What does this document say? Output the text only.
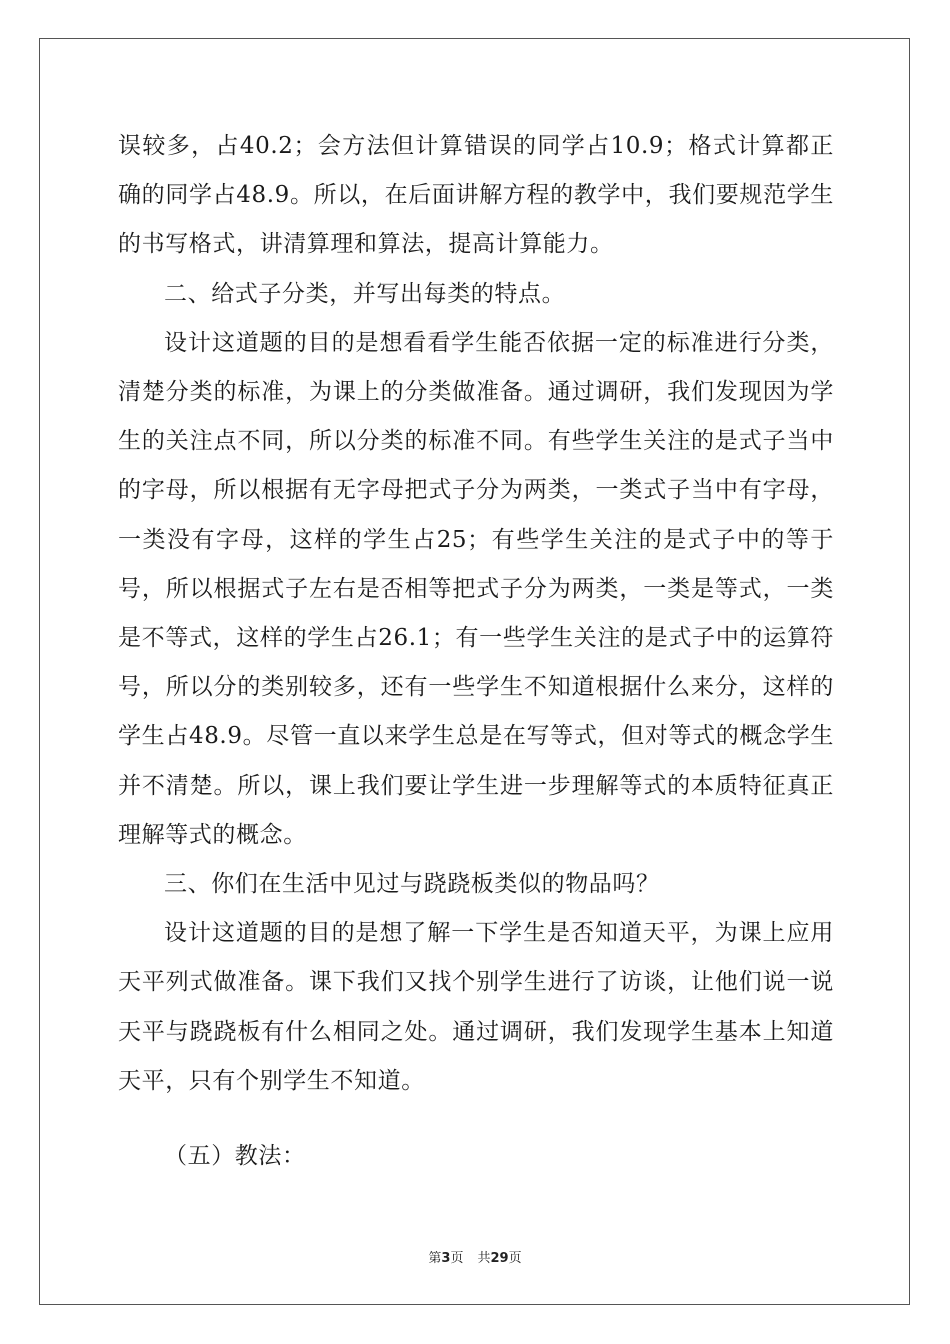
误较多，占40.2；会方法但计算错误的同学占10.9；格式计算都正确的同学占48.9。所以，在后面讲解方程的教学中，我们要规范学生的书写格式，讲清算理和算法，提高计算能力。

二、给式子分类，并写出每类的特点。

设计这道题的目的是想看看学生能否依据一定的标准进行分类，清楚分类的标准，为课上的分类做准备。通过调研，我们发现因为学生的关注点不同，所以分类的标准不同。有些学生关注的是式子当中的字母，所以根据有无字母把式子分为两类，一类式子当中有字母，一类没有字母，这样的学生占25；有些学生关注的是式子中的等于号，所以根据式子左右是否相等把式子分为两类，一类是等式，一类是不等式，这样的学生占26.1；有一些学生关注的是式子中的运算符号，所以分的类别较多，还有一些学生不知道根据什么来分，这样的学生占48.9。尽管一直以来学生总是在写等式，但对等式的概念学生并不清楚。所以，课上我们要让学生进一步理解等式的本质特征真正理解等式的概念。

三、你们在生活中见过与跷跷板类似的物品吗？

设计这道题的目的是想了解一下学生是否知道天平，为课上应用天平列式做准备。课下我们又找个别学生进行了访谈，让他们说一说天平与跷跷板有什么相同之处。通过调研，我们发现学生基本上知道天平，只有个别学生不知道。

（五）教法：

第3页 共29页
